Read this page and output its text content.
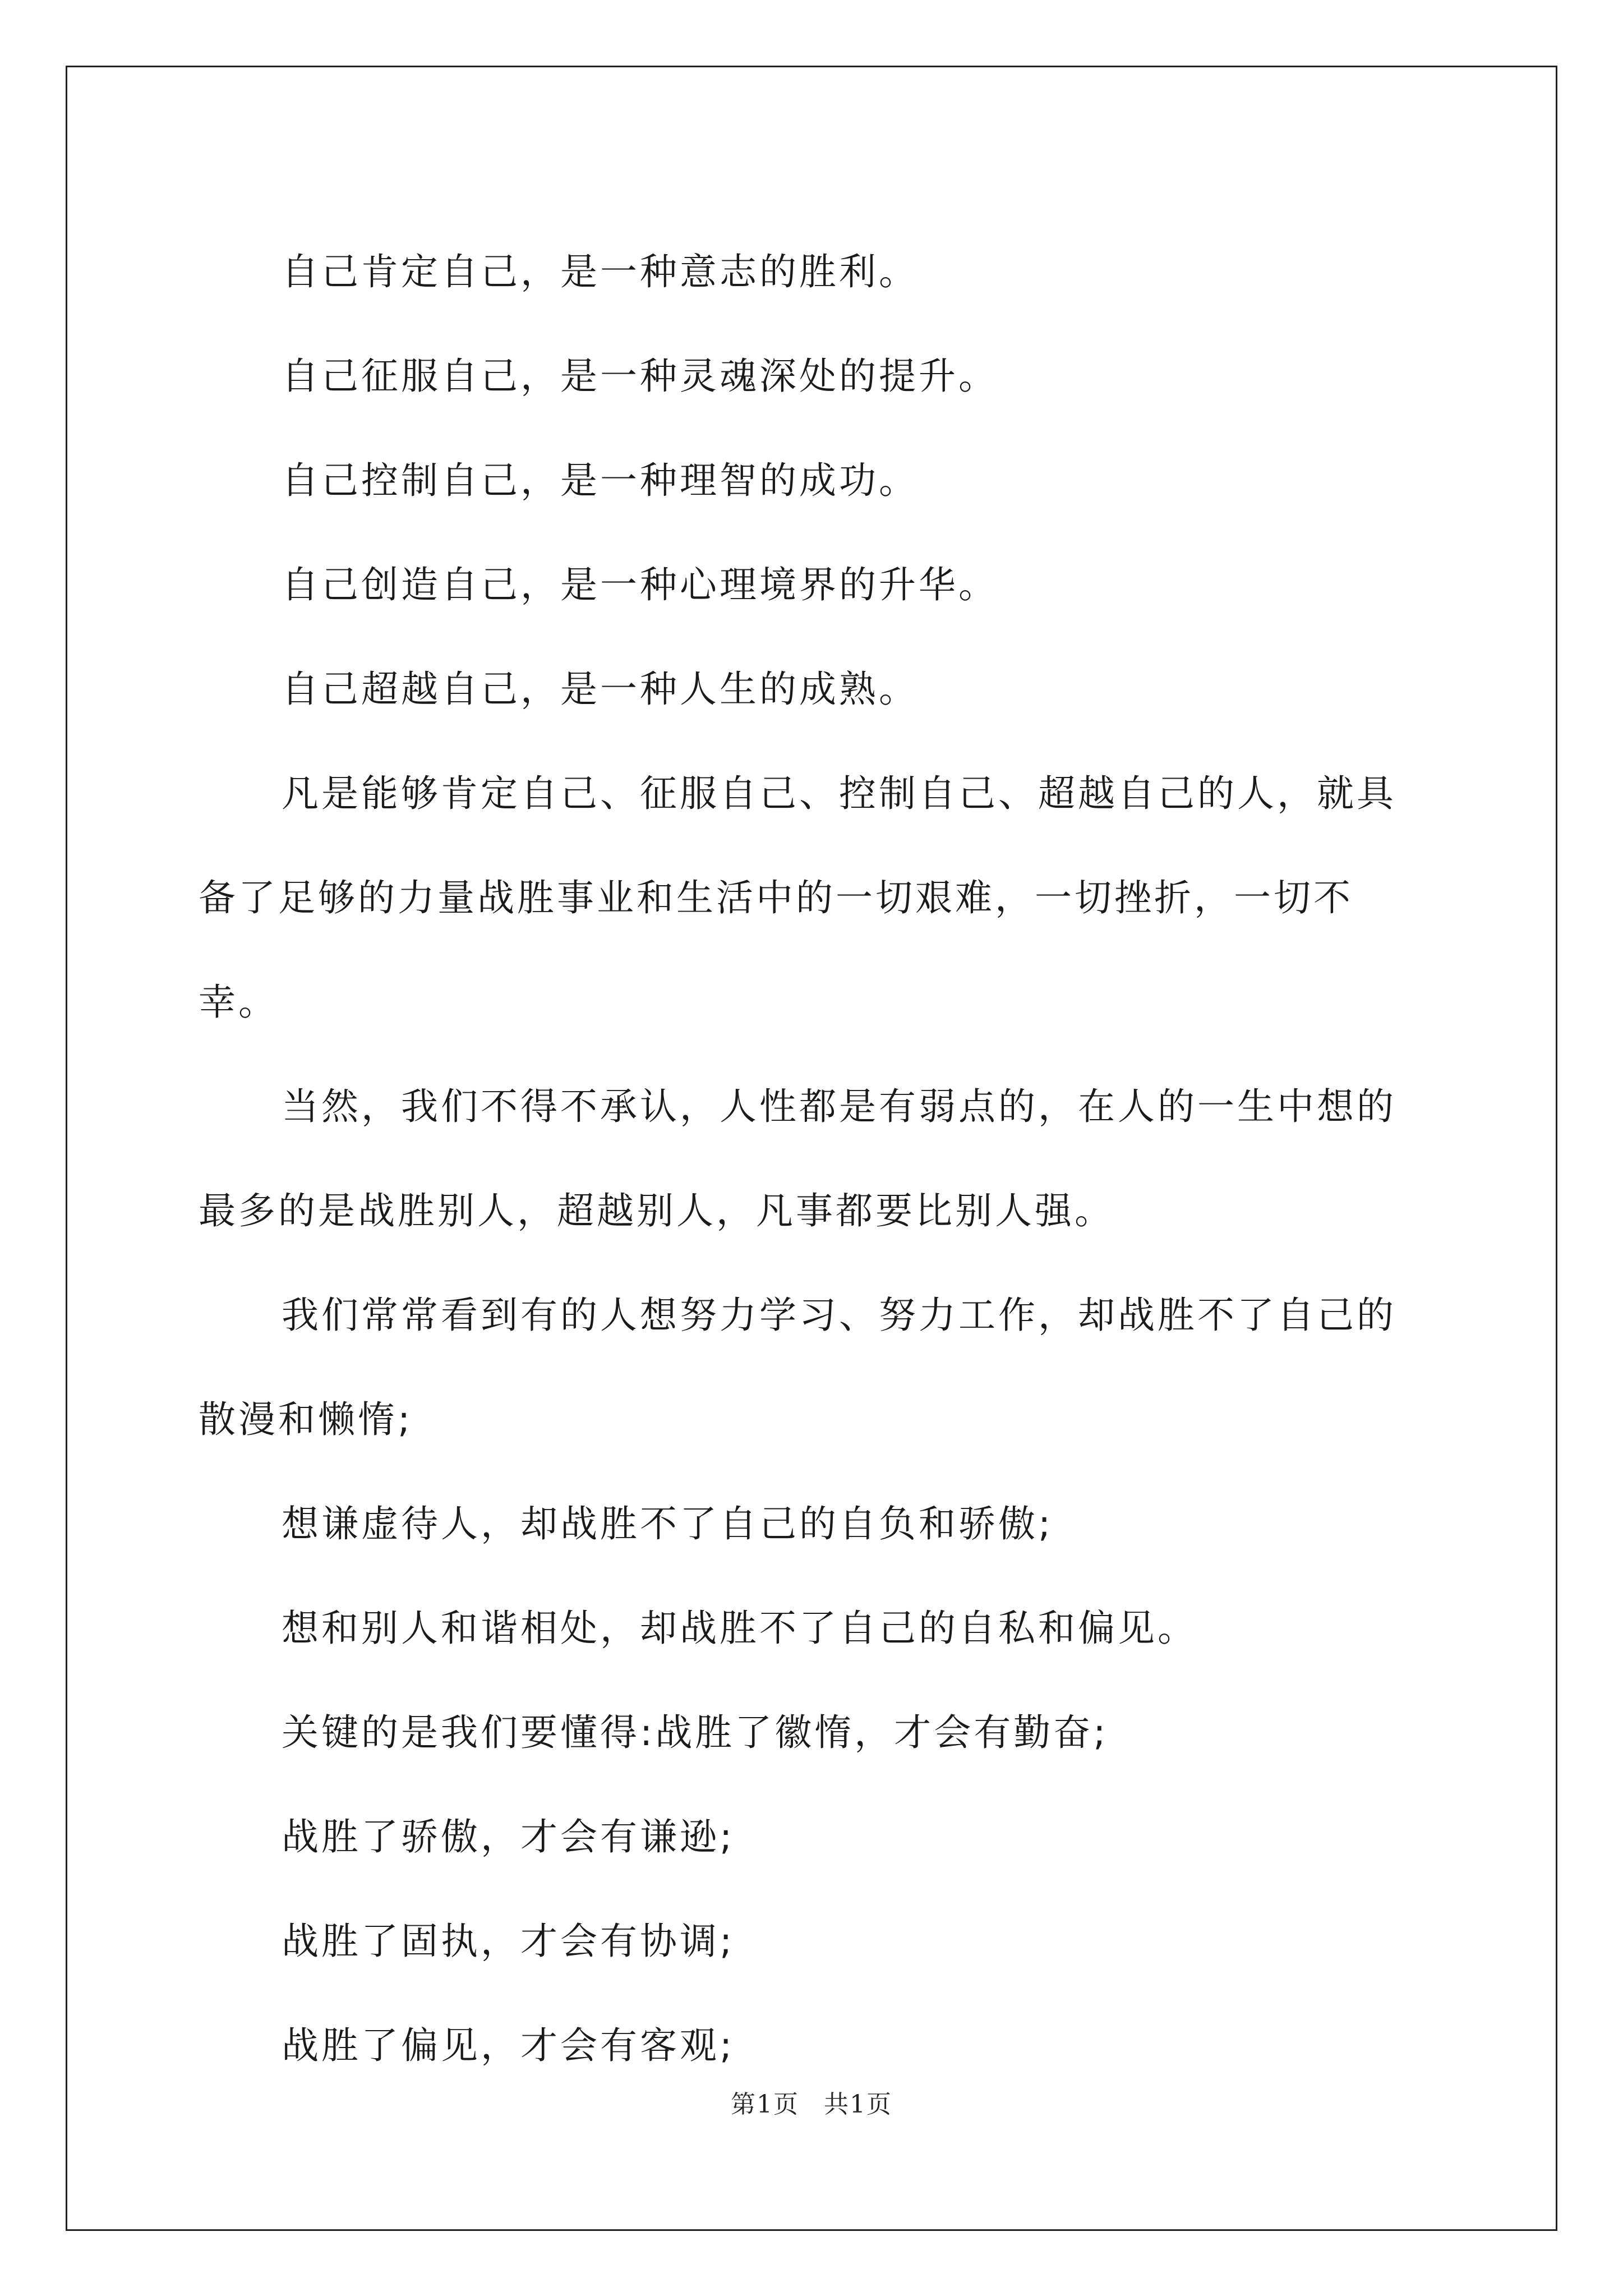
自己肯定自己，是一种意志的胜利。

自己征服自己，是一种灵魂深处的提升。

自己控制自己，是一种理智的成功。

自己创造自己，是一种心理境界的升华。

自己超越自己，是一种人生的成熟。

凡是能够肯定自己、征服自己、控制自己、超越自己的人，就具备了足够的力量战胜事业和生活中的一切艰难，一切挫折，一切不幸。

当然，我们不得不承认，人性都是有弱点的，在人的一生中想的最多的是战胜别人，超越别人，凡事都要比别人强。

我们常常看到有的人想努力学习、努力工作，却战胜不了自己的散漫和懒惰;

想谦虚待人，却战胜不了自己的自负和骄傲;

想和别人和谐相处，却战胜不了自己的自私和偏见。

关键的是我们要懂得:战胜了徽惰，才会有勤奋;

战胜了骄傲，才会有谦逊;

战胜了固执，才会有协调;

战胜了偏见，才会有客观;

第1页 共1页
